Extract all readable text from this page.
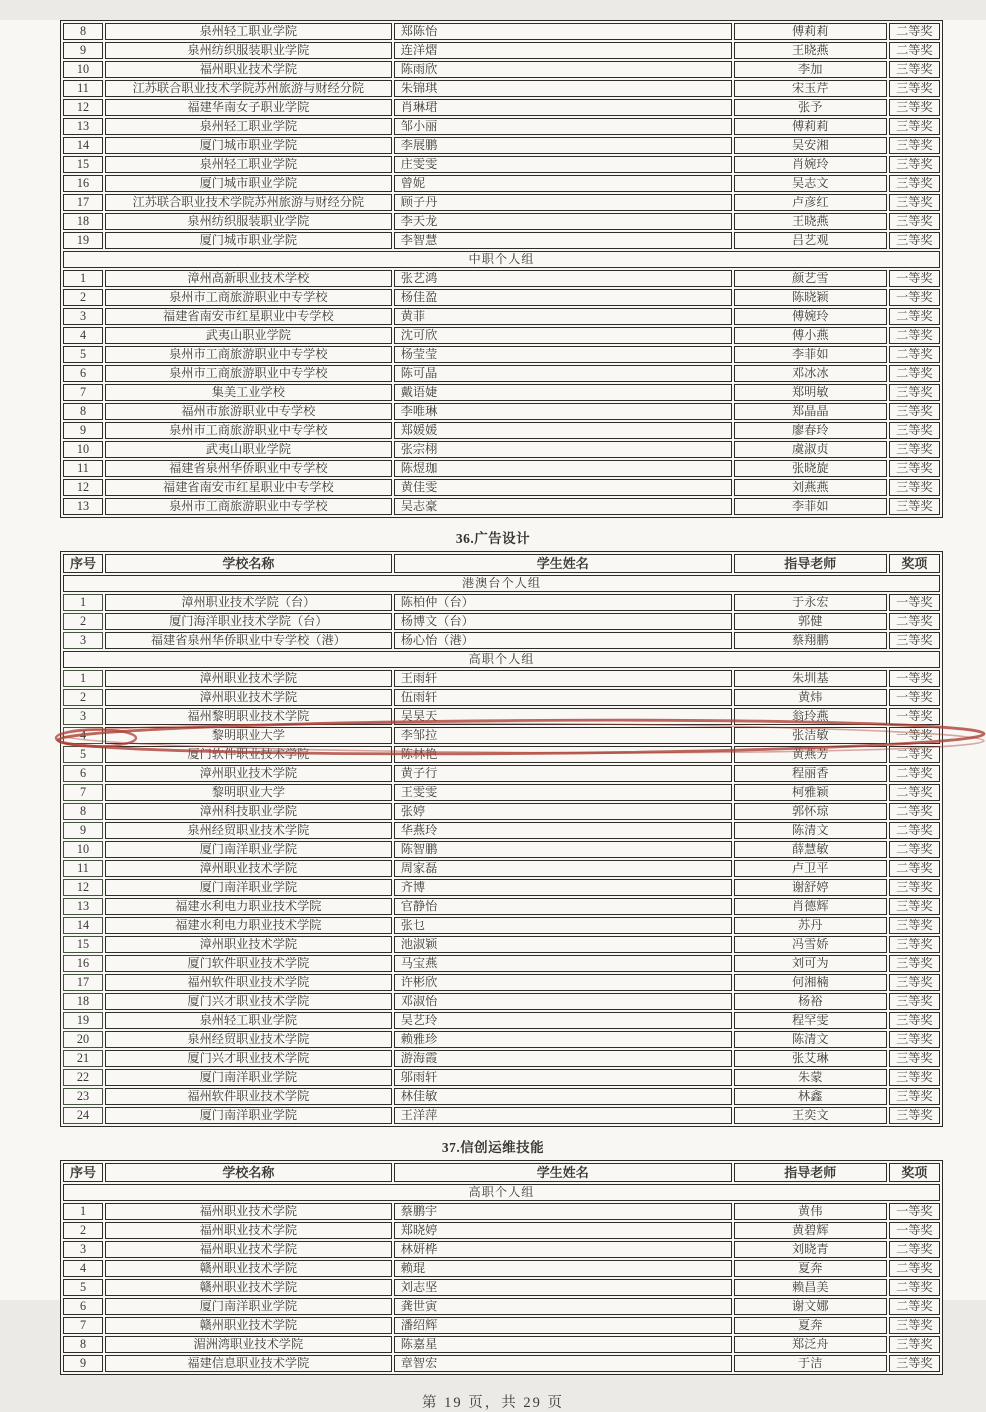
8	泉州轻工职业学院	郑陈怡	傅莉莉	二等奖
9	泉州纺织服装职业学院	连洋熠	王晓燕	二等奖
10	福州职业技术学院	陈雨欣	李加	三等奖
11	江苏联合职业技术学院苏州旅游与财经分院	朱锦琪	宋玉芹	三等奖
12	福建华南女子职业学院	肖琳珺	张予	三等奖
13	泉州轻工职业学院	邹小丽	傅莉莉	三等奖
14	厦门城市职业学院	李展鹏	吴安湘	三等奖
15	泉州轻工职业学院	庄雯雯	肖婉玲	三等奖
16	厦门城市职业学院	曾妮	吴志文	三等奖
17	江苏联合职业技术学院苏州旅游与财经分院	顾子丹	卢彦红	三等奖
18	泉州纺织服装职业学院	李天龙	王晓燕	三等奖
19	厦门城市职业学院	李智慧	吕艺观	三等奖
中职个人组				
1	漳州高新职业技术学校	张艺鸿	颜艺雪	一等奖
2	泉州市工商旅游职业中专学校	杨佳盈	陈晓颖	一等奖
3	福建省南安市红星职业中专学校	黄菲	傅婉玲	二等奖
4	武夷山职业学院	沈可欣	傅小燕	二等奖
5	泉州市工商旅游职业中专学校	杨莹莹	李菲如	二等奖
6	泉州市工商旅游职业中专学校	陈可晶	邓冰冰	二等奖
7	集美工业学校	戴语婕	郑明敏	三等奖
8	福州市旅游职业中专学校	李唯琳	郑晶晶	三等奖
9	泉州市工商旅游职业中专学校	郑媛媛	廖春玲	三等奖
10	武夷山职业学院	张宗栩	虞淑贞	三等奖
11	福建省泉州华侨职业中专学校	陈煜珈	张晓旋	三等奖
12	福建省南安市红星职业中专学校	黄佳雯	刘燕燕	三等奖
13	泉州市工商旅游职业中专学校	吴志豪	李菲如	三等奖
36.广告设计
序号	学校名称	学生姓名	指导老师	奖项
港澳台个人组				
1	漳州职业技术学院（台）	陈柏仲（台）	于永宏	一等奖
2	厦门海洋职业技术学院（台）	杨博文（台）	郭健	二等奖
3	福建省泉州华侨职业中专学校（港）	杨心怡（港）	蔡翔鹏	三等奖
高职个人组				
1	漳州职业技术学院	王雨轩	朱圳基	一等奖
2	漳州职业技术学院	伍雨轩	黄炜	一等奖
3	福州黎明职业技术学院	吴昊天	翁玲燕	一等奖
4	黎明职业大学	李邹拉	张洁敏	一等奖
5	厦门软件职业技术学院	陈林艳	黄燕芳	二等奖
6	漳州职业技术学院	黄子行	程丽香	二等奖
7	黎明职业大学	王雯雯	柯雅颖	二等奖
8	漳州科技职业学院	张婷	郭怀琼	二等奖
9	泉州经贸职业技术学院	华燕玲	陈清文	二等奖
10	厦门南洋职业学院	陈智鹏	薛慧敏	二等奖
11	漳州职业技术学院	周家磊	卢卫平	二等奖
12	厦门南洋职业学院	齐博	谢舒婷	三等奖
13	福建水利电力职业技术学院	官静怡	肖德辉	三等奖
14	福建水利电力职业技术学院	张乜	苏丹	三等奖
15	漳州职业技术学院	池淑颖	冯雪娇	三等奖
16	厦门软件职业技术学院	马宝燕	刘可为	三等奖
17	福州软件职业技术学院	许彬欣	何湘楠	三等奖
18	厦门兴才职业技术学院	邓淑怡	杨裕	三等奖
19	泉州轻工职业学院	吴艺玲	程罕雯	三等奖
20	泉州经贸职业技术学院	赖雅珍	陈清文	三等奖
21	厦门兴才职业技术学院	游海霞	张艾琳	三等奖
22	厦门南洋职业学院	邬雨轩	朱蒙	三等奖
23	福州软件职业技术学院	林佳敏	林鑫	三等奖
24	厦门南洋职业学院	王洋萍	王奕文	三等奖
37.信创运维技能
序号	学校名称	学生姓名	指导老师	奖项
高职个人组				
1	福州职业技术学院	蔡鹏宇	黄伟	一等奖
2	福州职业技术学院	郑晓婷	黄碧辉	一等奖
3	福州职业技术学院	林妍桦	刘晓青	二等奖
4	赣州职业技术学院	赖琨	夏奔	二等奖
5	赣州职业技术学院	刘志坚	赖昌美	二等奖
6	厦门南洋职业学院	龚世寅	谢文娜	二等奖
7	赣州职业技术学院	潘绍辉	夏奔	三等奖
8	湄洲湾职业技术学院	陈嘉星	郑泛舟	三等奖
9	福建信息职业技术学院	章智宏	于洁	三等奖
第 19 页，共 29 页
